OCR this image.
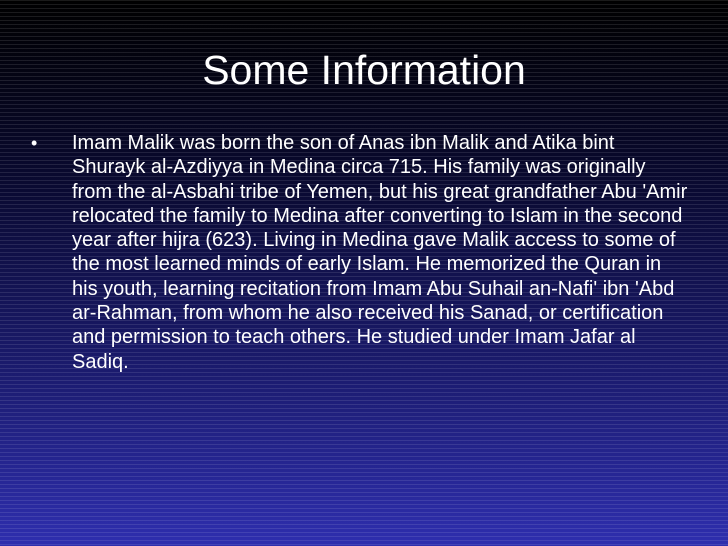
Some Information
• Imam Malik was born the son of Anas ibn Malik and Atika bint Shurayk al-Azdiyya in Medina circa 715. His family was originally from the al-Asbahi tribe of Yemen, but his great grandfather Abu 'Amir relocated the family to Medina after converting to Islam in the second year after hijra (623). Living in Medina gave Malik access to some of the most learned minds of early Islam. He memorized the Quran in his youth, learning recitation from Imam Abu Suhail an-Nafi' ibn 'Abd ar-Rahman, from whom he also received his Sanad, or certification and permission to teach others. He studied under Imam Jafar al Sadiq.
